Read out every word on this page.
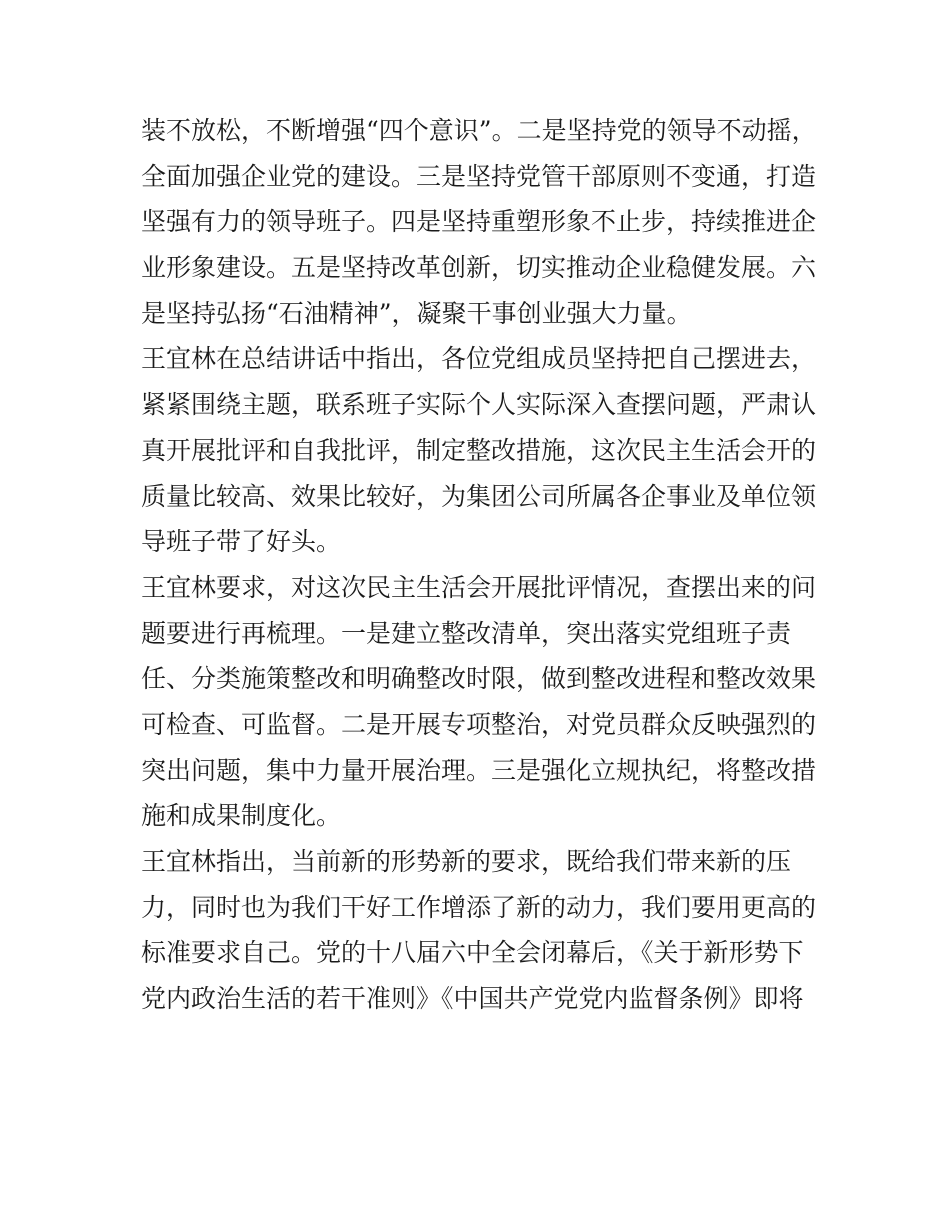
装不放松，不断增强“四个意识”。二是坚持党的领导不动摇，
全面加强企业党的建设。三是坚持党管干部原则不变通，打造
坚强有力的领导班子。四是坚持重塑形象不止步，持续推进企
业形象建设。五是坚持改革创新，切实推动企业稳健发展。六
是坚持弘扬“石油精神”，凝聚干事创业强大力量。
王宜林在总结讲话中指出，各位党组成员坚持把自己摆进去，
紧紧围绕主题，联系班子实际个人实际深入查摆问题，严肃认
真开展批评和自我批评，制定整改措施，这次民主生活会开的
质量比较高、效果比较好，为集团公司所属各企事业及单位领
导班子带了好头。
王宜林要求，对这次民主生活会开展批评情况，查摆出来的问
题要进行再梳理。一是建立整改清单，突出落实党组班子责
任、分类施策整改和明确整改时限，做到整改进程和整改效果
可检查、可监督。二是开展专项整治，对党员群众反映强烈的
突出问题，集中力量开展治理。三是强化立规执纪，将整改措
施和成果制度化。
王宜林指出，当前新的形势新的要求，既给我们带来新的压
力，同时也为我们干好工作增添了新的动力，我们要用更高的
标准要求自己。党的十八届六中全会闭幕后，《关于新形势下
党内政治生活的若干准则》《中国共产党党内监督条例》即将
